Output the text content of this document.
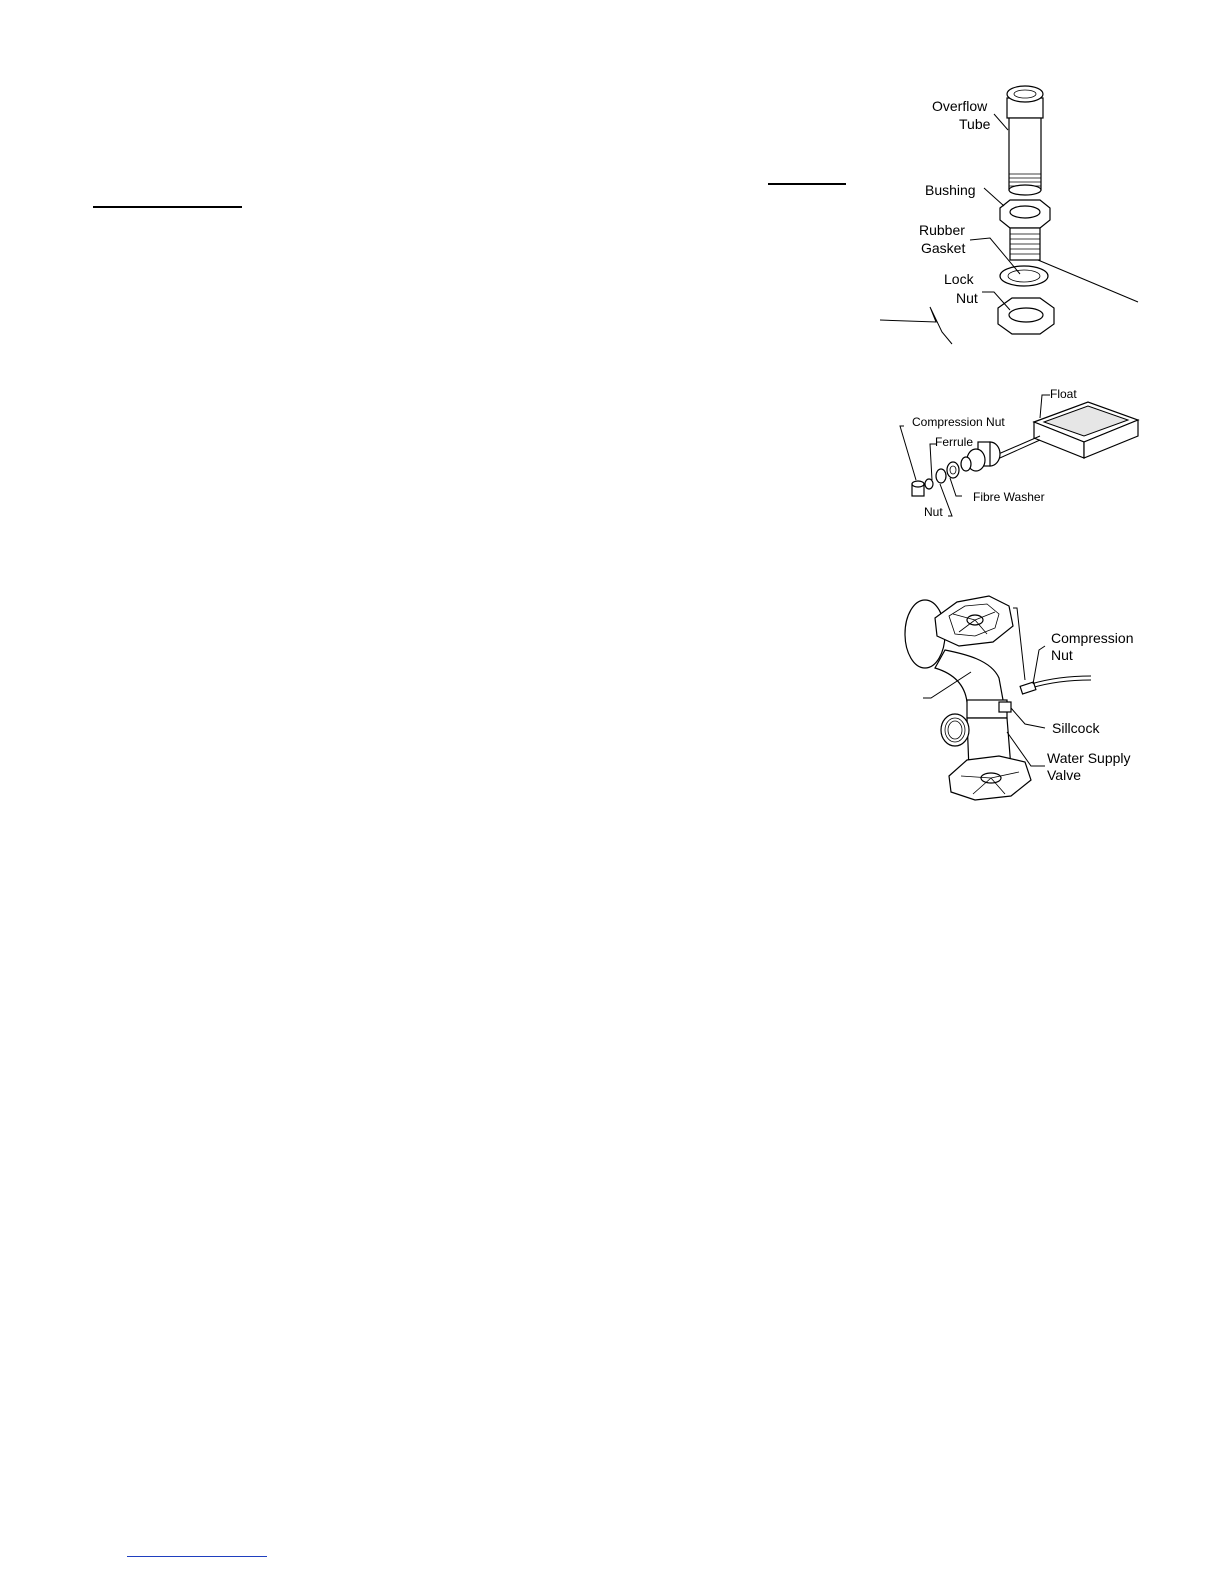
Overflow
Tube
Bushing
Rubber
Gasket
Lock
Nut
Float
Compression Nut
Ferrule
Fibre Washer
Nut
Compression
Nut
Sillcock
Water Supply
Valve
